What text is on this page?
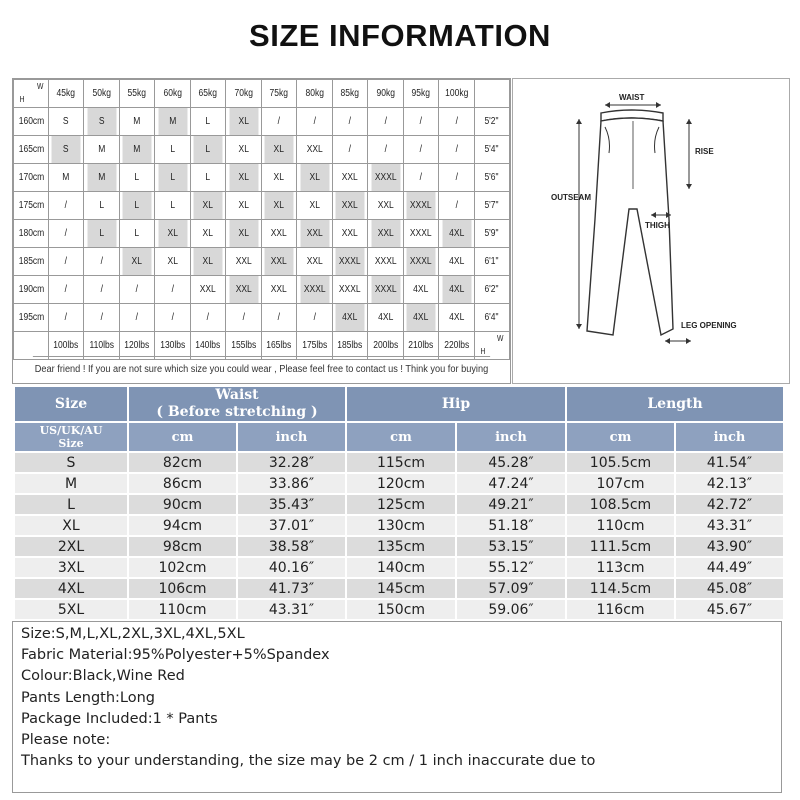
SIZE INFORMATION
H
W	45kg	50kg	55kg	60kg	65kg	70kg	75kg	80kg	85kg	90kg	95kg	100kg	
160cm	S	S	M	M	L	XL	/	/	/	/	/	/	5'2"
165cm	S	M	M	L	L	XL	XL	XXL	/	/	/	/	5'4"
170cm	M	M	L	L	L	XL	XL	XL	XXL	XXXL	/	/	5'6"
175cm	/	L	L	L	XL	XL	XL	XL	XXL	XXL	XXXL	/	5'7"
180cm	/	L	L	XL	XL	XL	XXL	XXL	XXL	XXL	XXXL	4XL	5'9"
185cm	/	/	XL	XL	XL	XXL	XXL	XXL	XXXL	XXXL	XXXL	4XL	6'1"
190cm	/	/	/	/	XXL	XXL	XXL	XXXL	XXXL	XXXL	4XL	4XL	6'2"
195cm	/	/	/	/	/	/	/	/	4XL	4XL	4XL	4XL	6'4"
	100lbs	110lbs	120lbs	130lbs	140lbs	155lbs	165lbs	175lbs	185lbs	200lbs	210lbs	220lbs	H
W
Dear friend ! If you are not sure which size you could wear , Please feel free to contact us ! Think you for buying
WAIST
RISE
OUTSEAM
THIGH
LEG OPENING
Size	Waist
( Before stretching )		Hip		Length	

US/UK/AU
Size	cm	inch	cm	inch	cm	inch
S	82cm	32.28″	115cm	45.28″	105.5cm	41.54″
M	86cm	33.86″	120cm	47.24″	107cm	42.13″
L	90cm	35.43″	125cm	49.21″	108.5cm	42.72″
XL	94cm	37.01″	130cm	51.18″	110cm	43.31″
2XL	98cm	38.58″	135cm	53.15″	111.5cm	43.90″
3XL	102cm	40.16″	140cm	55.12″	113cm	44.49″
4XL	106cm	41.73″	145cm	57.09″	114.5cm	45.08″
5XL	110cm	43.31″	150cm	59.06″	116cm	45.67″
Size:S,M,L,XL,2XL,3XL,4XL,5XL
Fabric Material:95%Polyester+5%Spandex
Colour:Black,Wine Red
Pants Length:Long
Package Included:1 * Pants
Please note:
Thanks to your understanding, the size may be 2 cm / 1 inch inaccurate due to
